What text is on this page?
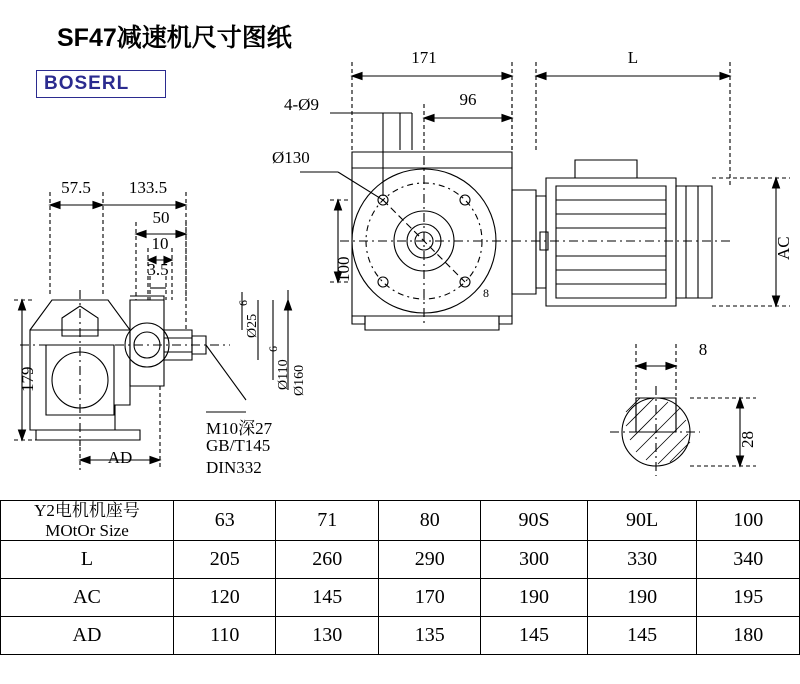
SF47减速机尺寸图纸
BOSERL
171	L
96
4-Ø9
Ø130
100
AC
Ø160
Ø110
6
Ø25
6
57.5 133.5
50
10
3.5
179
AD
M10深27
GB/T145
DIN332
8
28
8
Y2电机机座号
MOtOr Size	63	71	80	90S	90L	100
L	205	260	290	300	330	340
AC	120	145	170	190	190	195
AD	110	130	135	145	145	180
